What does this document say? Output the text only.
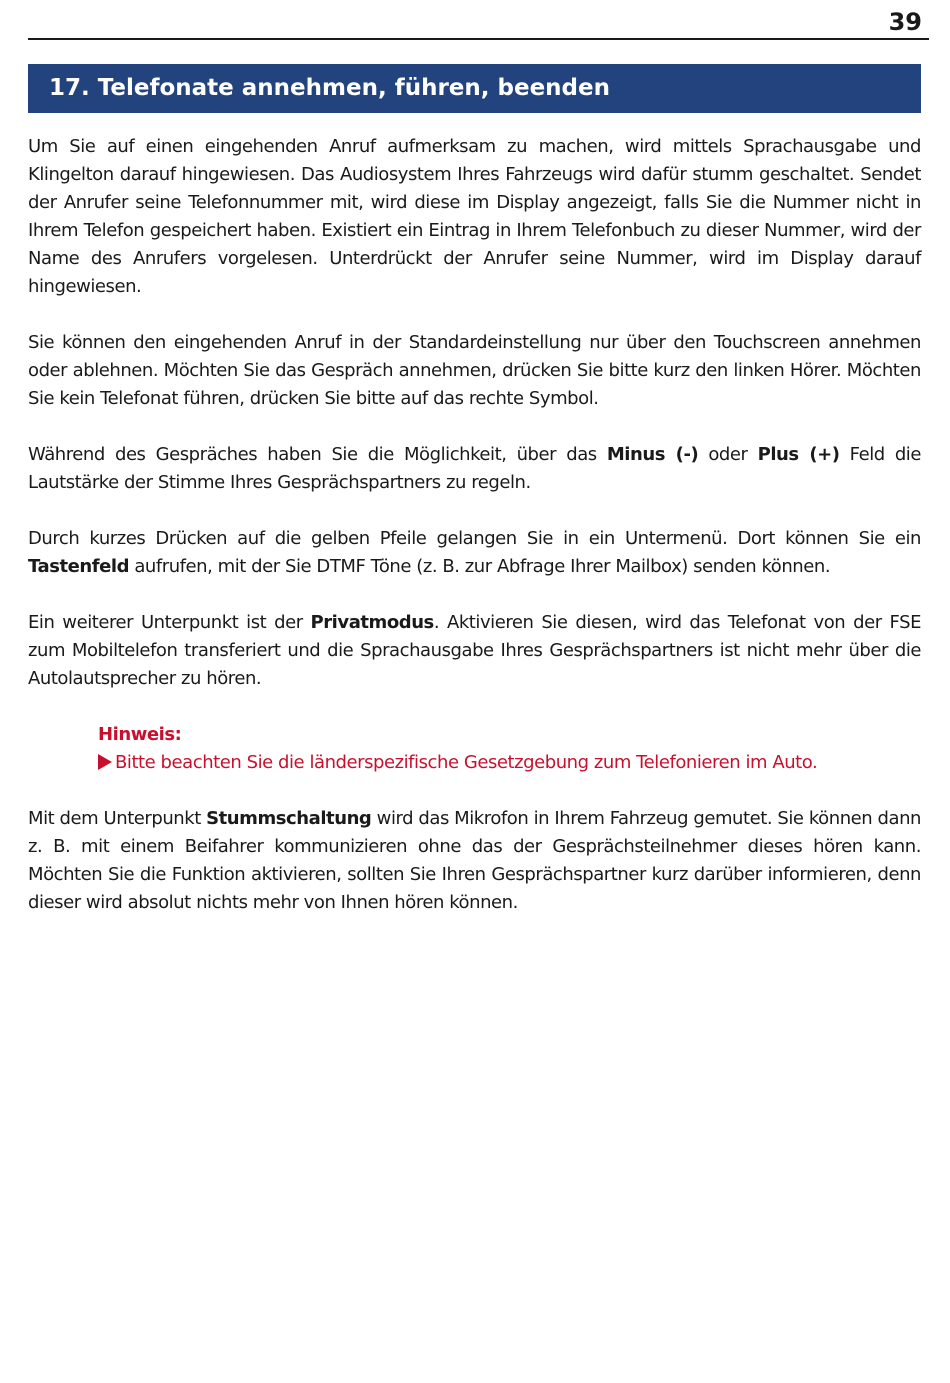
39
17. Telefonate annehmen, führen, beenden

Um Sie auf einen eingehenden Anruf aufmerksam zu machen, wird mittels Sprachausgabe und Klingelton darauf hingewiesen. Das Audiosystem Ihres Fahrzeugs wird dafür stumm geschaltet. Sendet der Anrufer seine Telefonnummer mit, wird diese im Display angezeigt, falls Sie die Nummer nicht in Ihrem Telefon gespeichert haben. Existiert ein Eintrag in Ihrem Telefonbuch zu dieser Nummer, wird der Name des Anrufers vorgelesen. Unterdrückt der Anrufer seine Nummer, wird im Display darauf hingewiesen.

Sie können den eingehenden Anruf in der Standardeinstellung nur über den Touchscreen annehmen oder ablehnen. Möchten Sie das Gespräch annehmen, drücken Sie bitte kurz den linken Hörer. Möchten Sie kein Telefonat führen, drücken Sie bitte auf das rechte Symbol.

Während des Gespräches haben Sie die Möglichkeit, über das Minus (-) oder Plus (+) Feld die Lautstärke der Stimme Ihres Gesprächspartners zu regeln.

Durch kurzes Drücken auf die gelben Pfeile gelangen Sie in ein Untermenü. Dort können Sie ein Tastenfeld aufrufen, mit der Sie DTMF Töne (z. B. zur Abfrage Ihrer Mailbox) senden können.

Ein weiterer Unterpunkt ist der Privatmodus. Aktivieren Sie diesen, wird das Telefonat von der FSE zum Mobiltelefon transferiert und die Sprachausgabe Ihres Gesprächspartners ist nicht mehr über die Autolautsprecher zu hören.

Hinweis:
Bitte beachten Sie die länderspezifische Gesetzgebung zum Telefonieren im Auto.

Mit dem Unterpunkt Stummschaltung wird das Mikrofon in Ihrem Fahrzeug gemutet. Sie können dann z. B. mit einem Beifahrer kommunizieren ohne das der Gesprächsteilnehmer dieses hören kann. Möchten Sie die Funktion aktivieren, sollten Sie Ihren Gesprächspartner kurz darüber informieren, denn dieser wird absolut nichts mehr von Ihnen hören können.
